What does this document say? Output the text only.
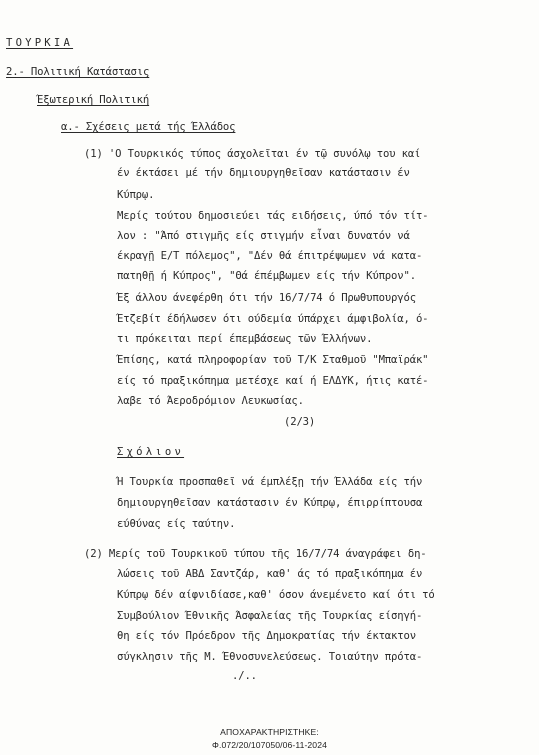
ΤΟΥΡΚΙΑ
2.- Πολιτική Κατάστασις
Έξωτερική Πολιτική
α.- Σχέσεις μετά τής Έλλάδος
(1) 'Ο Τουρκικός τύπος άσχολεῖται έν τῷ συνόλῳ του καί
έν έκτάσει μέ τήν δημιουργηθεῖσαν κατάστασιν έν
Κύπρῳ.
Μερίς τούτου δημοσιεύει τάς ειδήσεις, ύπό τόν τίτ-
λον : "Άπό στιγμῆς είς στιγμήν εἶναι δυνατόν νά
έκραγῇ Ε/Τ πόλεμος", "Δέν θά έπιτρέψωμεν νά κατα-
πατηθῇ ή Κύπρος", "Θά έπέμβωμεν είς τήν Κύπρον".
Έξ άλλου άνεφέρθη ότι τήν 16/7/74 ό Πρωθυπουργός
Έτζεβίτ έδήλωσεν ότι ούδεμία ύπάρχει άμφιβολία, ό-
τι πρόκειται περί έπεμβάσεως τῶν Έλλήνων.
Έπίσης, κατά πληροφορίαν τοῦ Τ/Κ Σταθμοῦ "Μπαϊράκ"
είς τό πραξικόπημα μετέσχε καί ή ΕΛΔΥΚ, ήτις κατέ-
λαβε τό Άεροδρόμιον Λευκωσίας.
(2/3)
Σχόλιον
Ή Τουρκία προσπαθεῖ νά έμπλέξῃ τήν Έλλάδα είς τήν
δημιουργηθεῖσαν κατάστασιν έν Κύπρῳ, έπιρρίπτουσα
εύθύνας είς ταύτην.
(2) Μερίς τοῦ Τουρκικοῦ τύπου τῆς 16/7/74 άναγράφει δη-
λώσεις τοῦ ΑΒΔ Σαντζάρ, καθ' άς τό πραξικόπημα έν
Κύπρῳ δέν αίφνιδίασε,καθ' όσον άνεμένετο καί ότι τό
Συμβούλιον Έθνικῆς Άσφαλείας τῆς Τουρκίας είσηγή-
θη είς τόν Πρόεδρον τῆς Δημοκρατίας τήν έκτακτον
σύγκλησιν τῆς Μ. Έθνοσυνελεύσεως. Τοιαύτην πρότα-
./..
ΑΠΟΧΑΡΑΚΤΗΡΙΣΤΗΚΕ:
Φ.072/20/107050/06-11-2024
